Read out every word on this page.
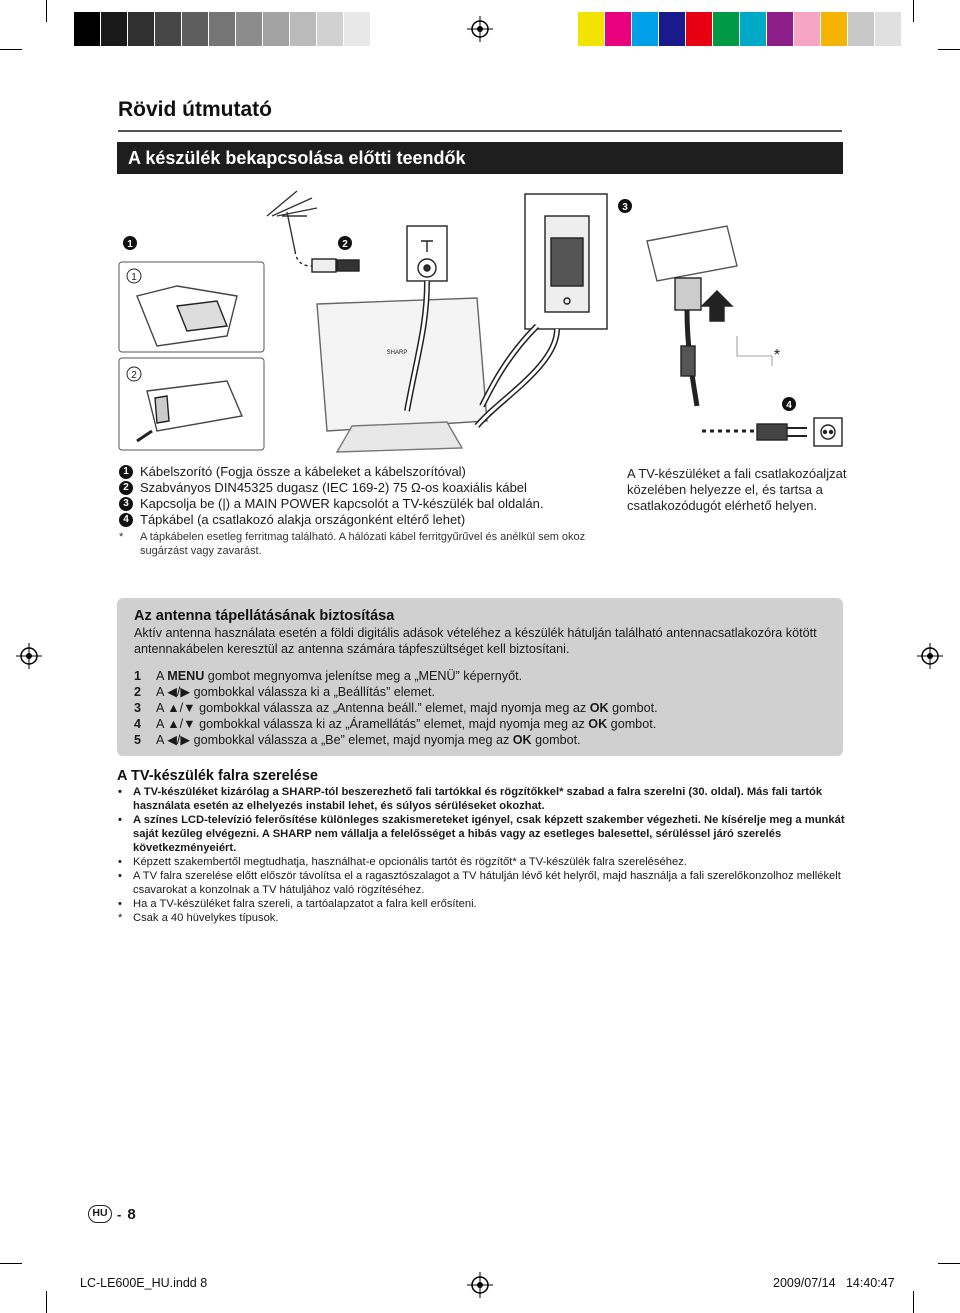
Rövid útmutató
A készülék bekapcsolása előtti teendők
1	2
3
4
1
2
*
SHARP
1 Kábelszorító (Fogja össze a kábeleket a kábelszorítóval)
2 Szabványos DIN45325 dugasz (IEC 169-2) 75 Ω-os koaxiális kábel
3 Kapcsolja be (|) a MAIN POWER kapcsolót a TV-készülék bal oldalán.
4 Tápkábel (a csatlakozó alakja országonként eltérő lehet)
* A tápkábelen esetleg ferritmag található. A hálózati kábel ferritgyűrűvel és anélkül sem okoz sugárzást vagy zavarást.
A TV-készüléket a fali csatlakozóaljzat közelében helyezze el, és tartsa a csatlakozódugót elérhető helyen.
Az antenna tápellátásának biztosítása
Aktív antenna használata esetén a földi digitális adások vételéhez a készülék hátulján található antennacsatlakozóra kötött antennakábelen keresztül az antenna számára tápfeszültséget kell biztosítani.
1	A MENU gombot megnyomva jelenítse meg a „MENÜ” képernyőt.
2	A ◀/▶ gombokkal válassza ki a „Beállítás” elemet.
3	A ▲/▼ gombokkal válassza az „Antenna beáll.” elemet, majd nyomja meg az OK gombot.
4	A ▲/▼ gombokkal válassza ki az „Áramellátás” elemet, majd nyomja meg az OK gombot.
5	A ◀/▶ gombokkal válassza a „Be” elemet, majd nyomja meg az OK gombot.
A TV-készülék falra szerelése
• A TV-készüléket kizárólag a SHARP-tól beszerezhető fali tartókkal és rögzítőkkel* szabad a falra szerelni (30. oldal). Más fali tartók használata esetén az elhelyezés instabil lehet, és súlyos sérüléseket okozhat.
• A színes LCD-televízió felerősítése különleges szakismereteket igényel, csak képzett szakember végezheti. Ne kísérelje meg a munkát saját kezűleg elvégezni. A SHARP nem vállalja a felelősséget a hibás vagy az esetleges balesettel, sérüléssel járó szerelés következményeiért.
• Képzett szakembertől megtudhatja, használhat-e opcionális tartót és rögzítőt* a TV-készülék falra szereléséhez.
• A TV falra szerelése előtt először távolítsa el a ragasztószalagot a TV hátulján lévő két helyről, majd használja a fali szerelőkonzolhoz mellékelt csavarokat a konzolnak a TV hátuljához való rögzítéséhez.
• Ha a TV-készüléket falra szereli, a tartóalapzatot a falra kell erősíteni.
* Csak a 40 hüvelykes típusok.
HU - 8
LC-LE600E_HU.indd 8	2009/07/14   14:40:47
